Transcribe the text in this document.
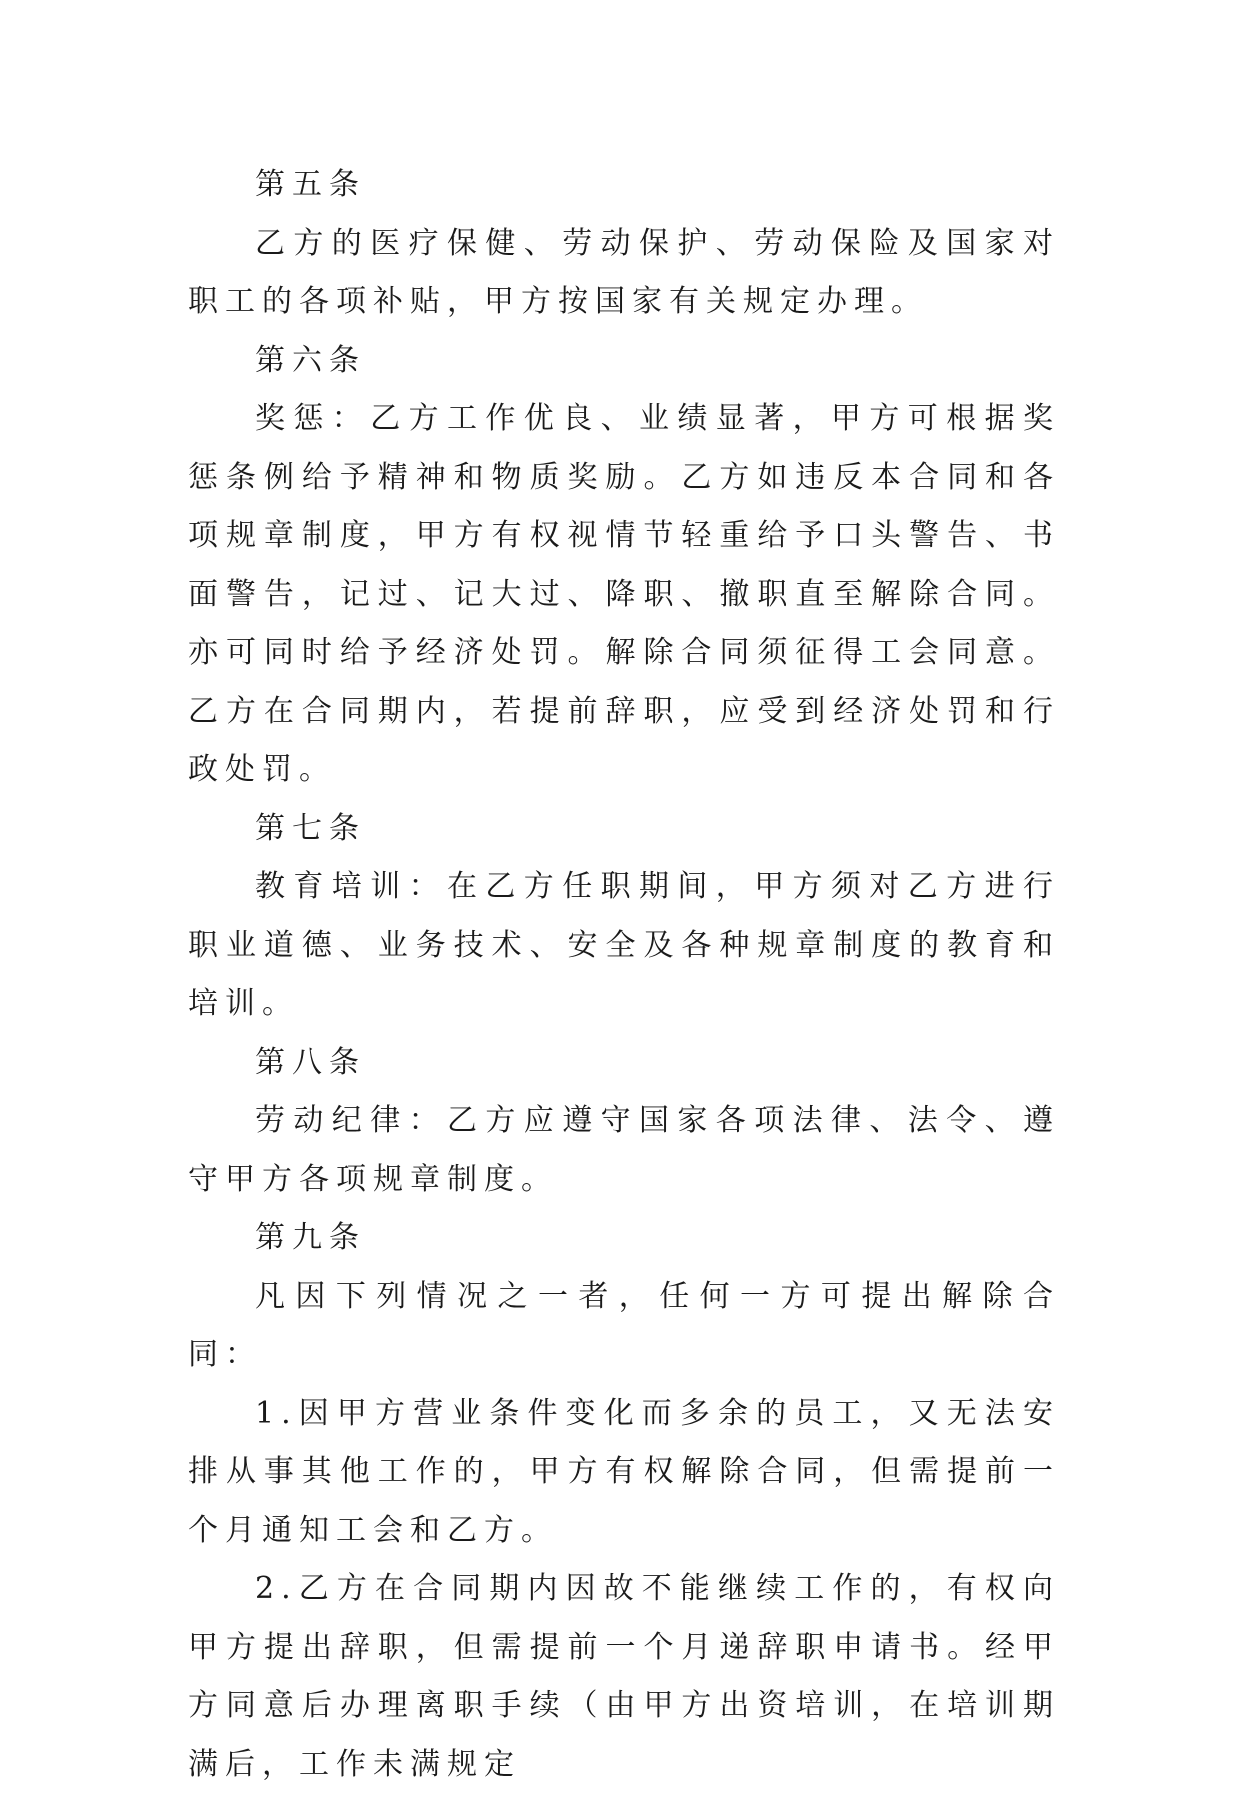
第五条

乙方的医疗保健、劳动保护、劳动保险及国家对职工的各项补贴，甲方按国家有关规定办理。

第六条

奖惩：乙方工作优良、业绩显著，甲方可根据奖惩条例给予精神和物质奖励。乙方如违反本合同和各项规章制度，甲方有权视情节轻重给予口头警告、书面警告，记过、记大过、降职、撤职直至解除合同。亦可同时给予经济处罚。解除合同须征得工会同意。乙方在合同期内，若提前辞职，应受到经济处罚和行政处罚。

第七条

教育培训：在乙方任职期间，甲方须对乙方进行职业道德、业务技术、安全及各种规章制度的教育和培训。

第八条

劳动纪律：乙方应遵守国家各项法律、法令、遵守甲方各项规章制度。

第九条

凡因下列情况之一者，任何一方可提出解除合同：

1.因甲方营业条件变化而多余的员工，又无法安排从事其他工作的，甲方有权解除合同，但需提前一个月通知工会和乙方。

2.乙方在合同期内因故不能继续工作的，有权向甲方提出辞职，但需提前一个月递辞职申请书。经甲方同意后办理离职手续（由甲方出资培训，在培训期满后，工作未满规定
